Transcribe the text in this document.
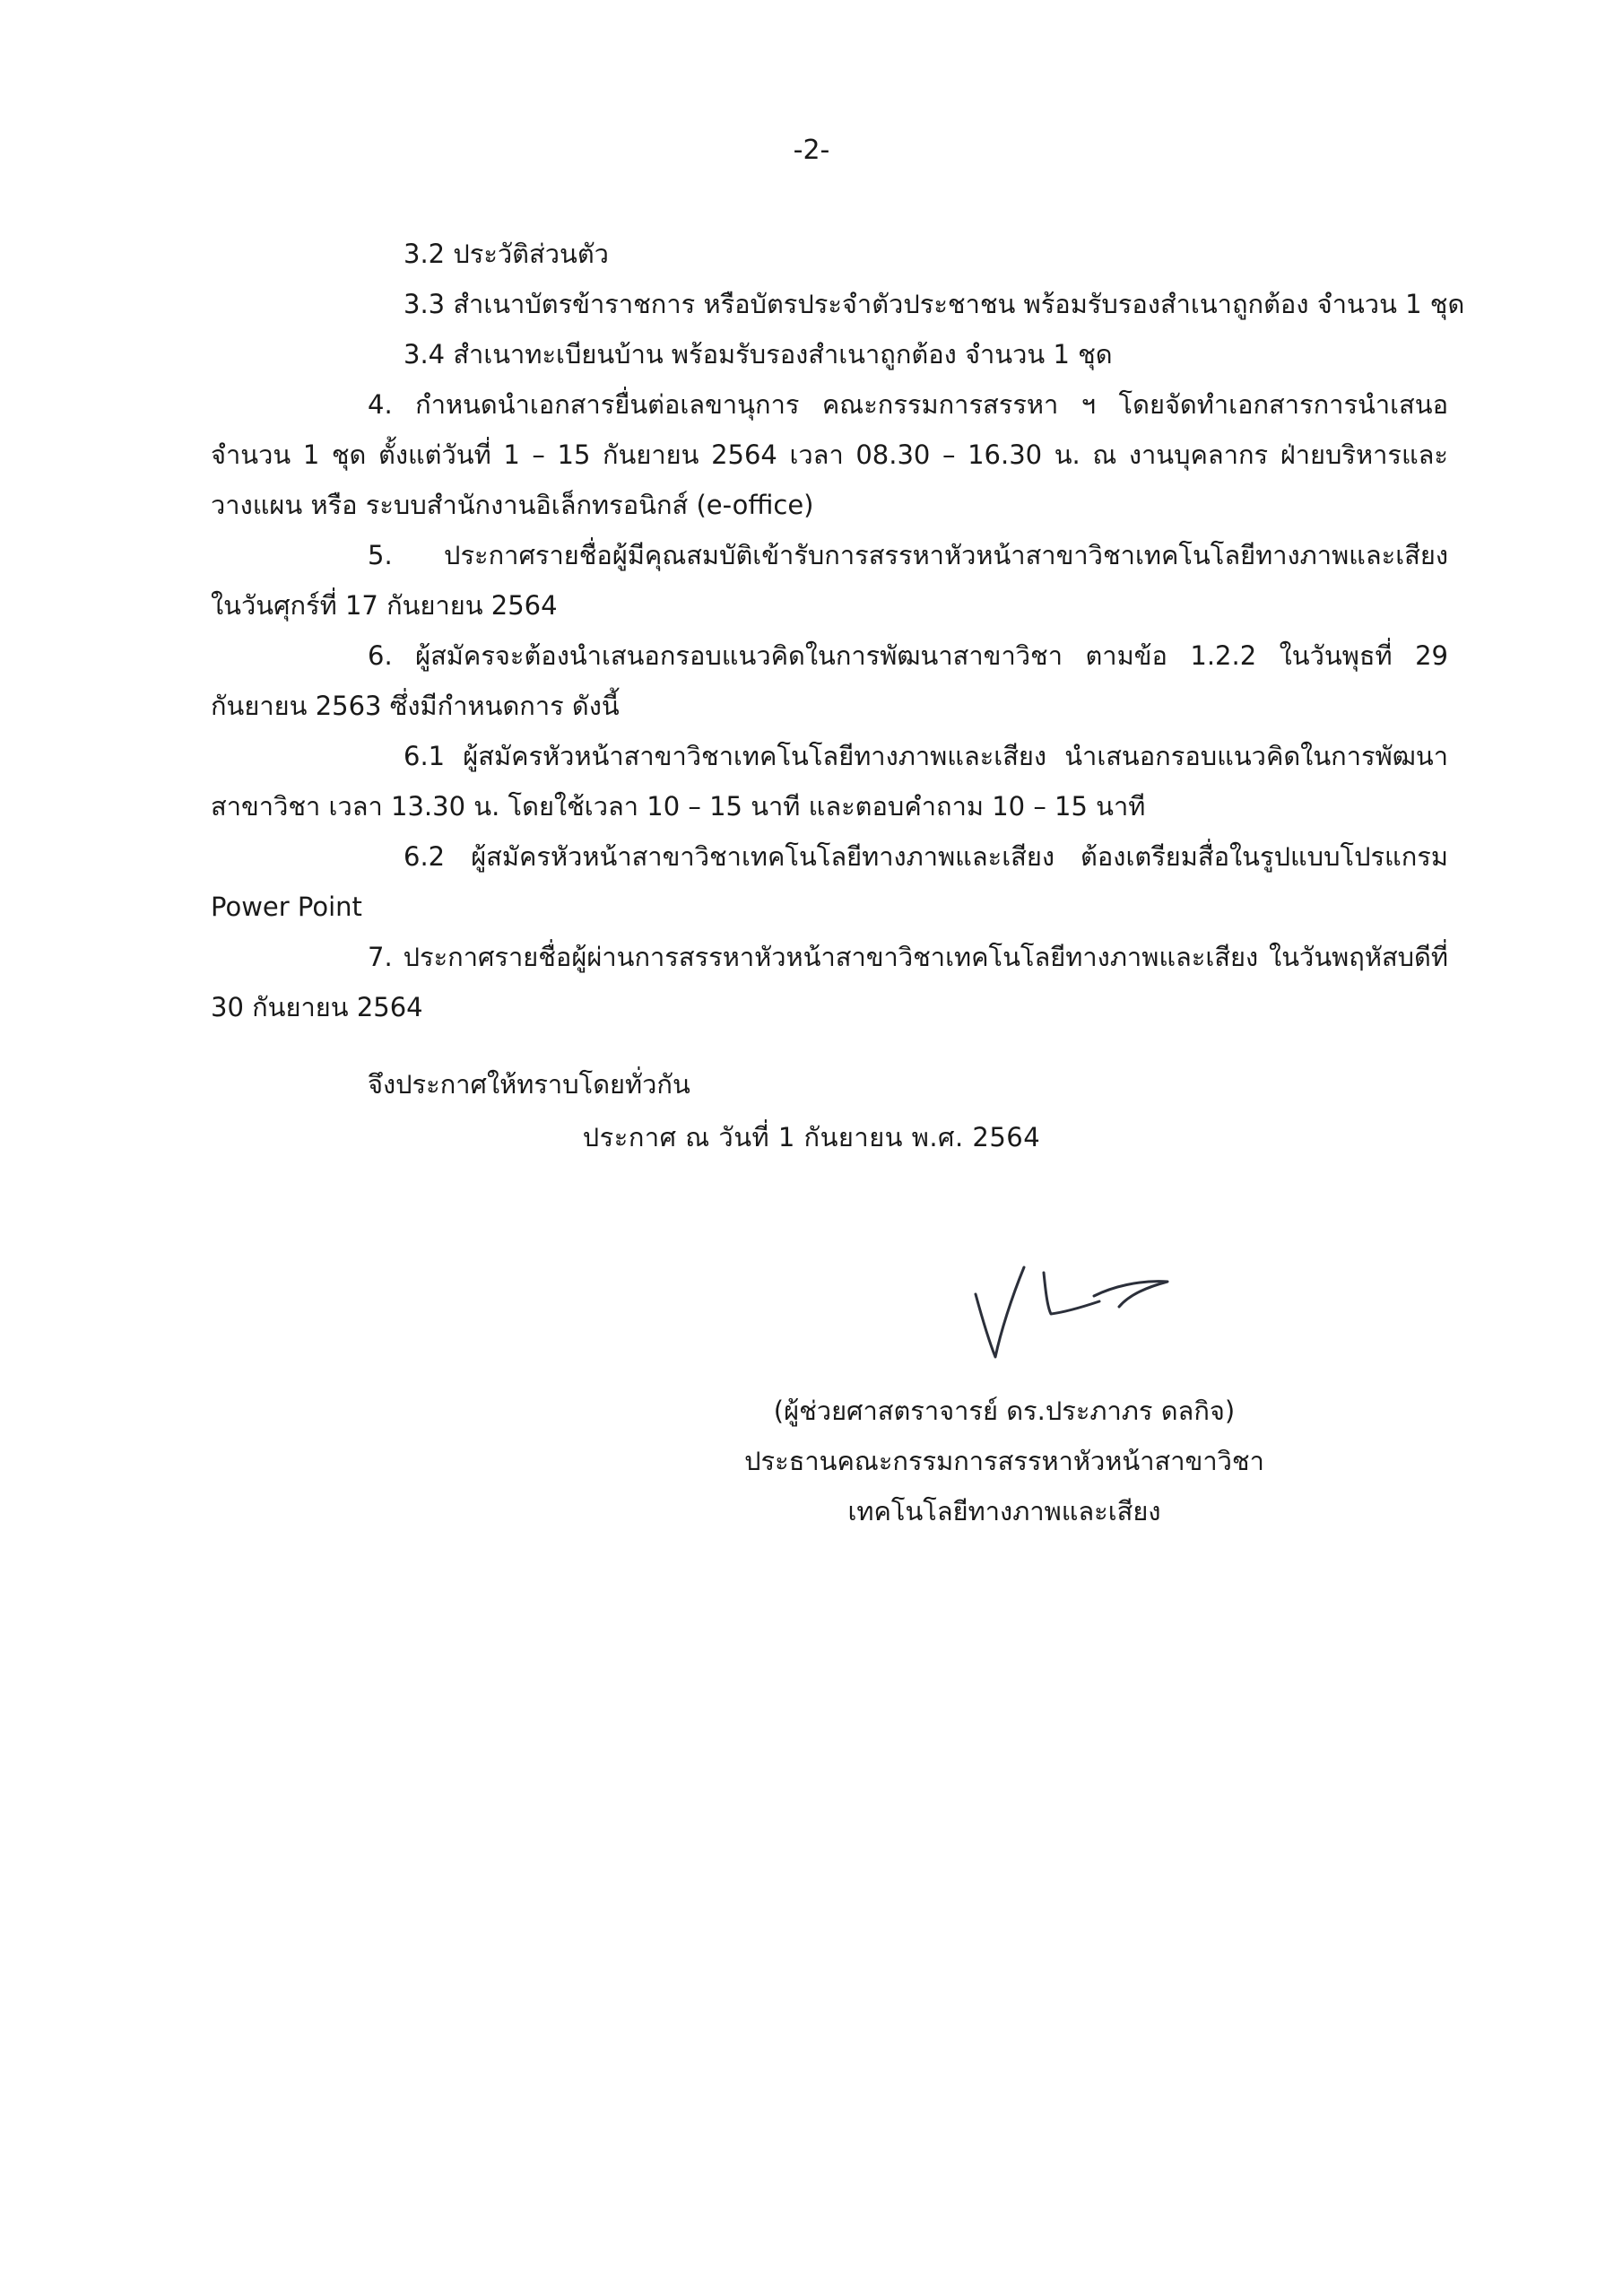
-2-
3.2 ประวัติส่วนตัว
3.3 สำเนาบัตรข้าราชการ หรือบัตรประจำตัวประชาชน พร้อมรับรองสำเนาถูกต้อง จำนวน 1 ชุด
3.4 สำเนาทะเบียนบ้าน พร้อมรับรองสำเนาถูกต้อง จำนวน 1 ชุด
4. กำหนดนำเอกสารยื่นต่อเลขานุการ คณะกรรมการสรรหา ฯ โดยจัดทำเอกสารการนำเสนอ
จำนวน 1 ชุด ตั้งแต่วันที่ 1 – 15 กันยายน 2564 เวลา 08.30 – 16.30 น. ณ งานบุคลากร ฝ่ายบริหารและ
วางแผน หรือ ระบบสำนักงานอิเล็กทรอนิกส์ (e-office)
5. ประกาศรายชื่อผู้มีคุณสมบัติเข้ารับการสรรหาหัวหน้าสาขาวิชาเทคโนโลยีทางภาพและเสียง
ในวันศุกร์ที่ 17 กันยายน 2564
6. ผู้สมัครจะต้องนำเสนอกรอบแนวคิดในการพัฒนาสาขาวิชา ตามข้อ 1.2.2 ในวันพุธที่ 29
กันยายน 2563 ซึ่งมีกำหนดการ ดังนี้
6.1 ผู้สมัครหัวหน้าสาขาวิชาเทคโนโลยีทางภาพและเสียง นำเสนอกรอบแนวคิดในการพัฒนา
สาขาวิชา เวลา 13.30 น. โดยใช้เวลา 10 – 15 นาที และตอบคำถาม 10 – 15 นาที
6.2 ผู้สมัครหัวหน้าสาขาวิชาเทคโนโลยีทางภาพและเสียง ต้องเตรียมสื่อในรูปแบบโปรแกรม
Power Point
7. ประกาศรายชื่อผู้ผ่านการสรรหาหัวหน้าสาขาวิชาเทคโนโลยีทางภาพและเสียง ในวันพฤหัสบดีที่
30 กันยายน 2564
จึงประกาศให้ทราบโดยทั่วกัน
ประกาศ ณ วันที่ 1 กันยายน พ.ศ. 2564
(ผู้ช่วยศาสตราจารย์ ดร.ประภาภร ดลกิจ)
ประธานคณะกรรมการสรรหาหัวหน้าสาขาวิชา
เทคโนโลยีทางภาพและเสียง
